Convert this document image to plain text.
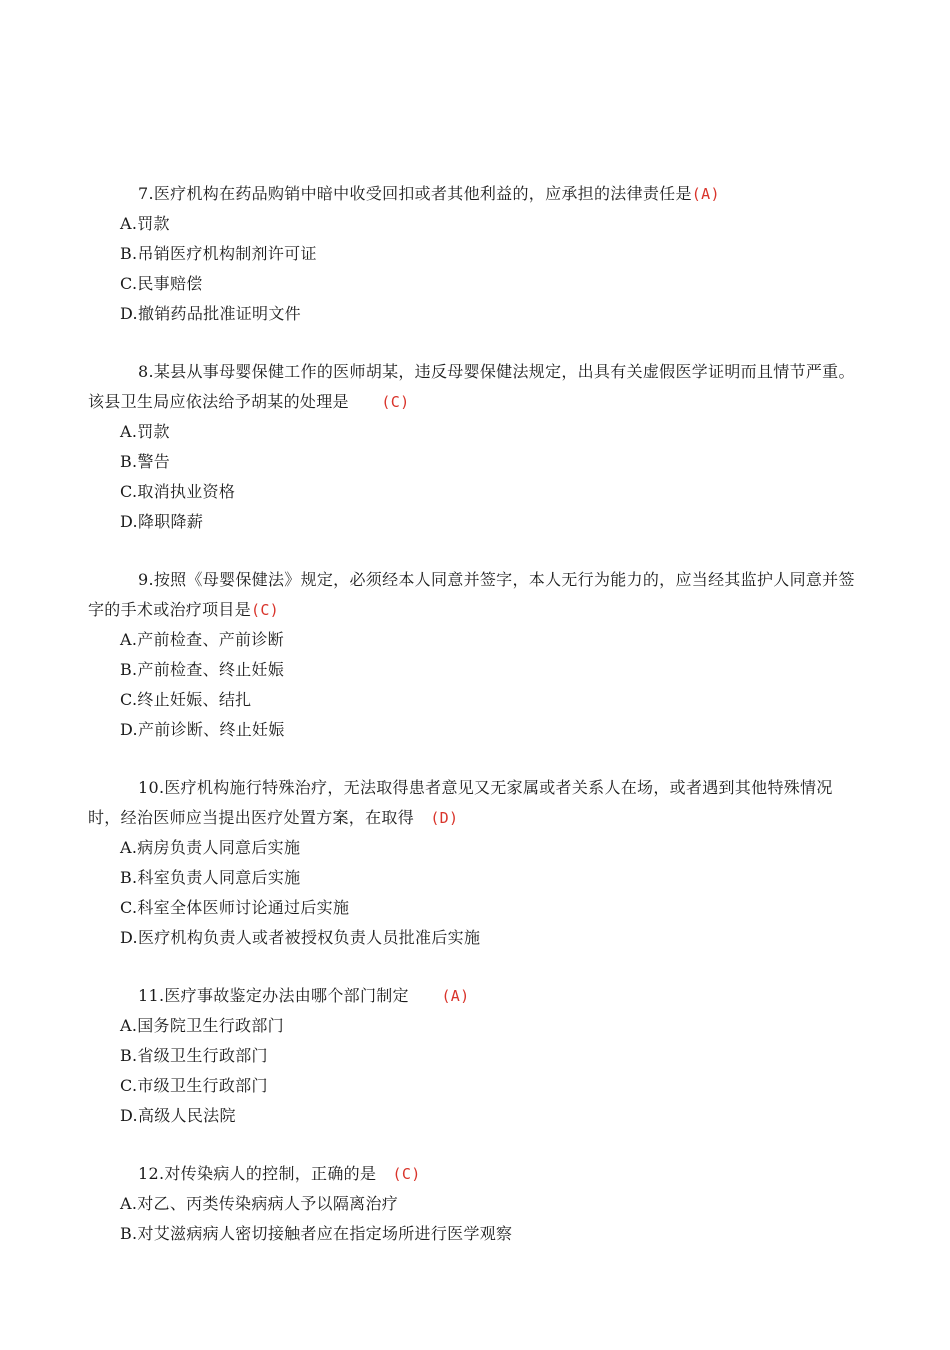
7.医疗机构在药品购销中暗中收受回扣或者其他利益的，应承担的法律责任是(A)

A.罚款
B.吊销医疗机构制剂许可证
C.民事赔偿
D.撤销药品批准证明文件

8.某县从事母婴保健工作的医师胡某，违反母婴保健法规定，出具有关虚假医学证明而且情节严重。该县卫生局应依法给予胡某的处理是　　(C)

A.罚款
B.警告
C.取消执业资格
D.降职降薪

9.按照《母婴保健法》规定，必须经本人同意并签字，本人无行为能力的，应当经其监护人同意并签字的手术或治疗项目是(C)

A.产前检查、产前诊断
B.产前检查、终止妊娠
C.终止妊娠、结扎
D.产前诊断、终止妊娠

10.医疗机构施行特殊治疗，无法取得患者意见又无家属或者关系人在场，或者遇到其他特殊情况时，经治医师应当提出医疗处置方案，在取得　(D)

A.病房负责人同意后实施
B.科室负责人同意后实施
C.科室全体医师讨论通过后实施
D.医疗机构负责人或者被授权负责人员批准后实施

11.医疗事故鉴定办法由哪个部门制定　　(A)

A.国务院卫生行政部门
B.省级卫生行政部门
C.市级卫生行政部门
D.高级人民法院

12.对传染病人的控制，正确的是　(C)

A.对乙、丙类传染病病人予以隔离治疗
B.对艾滋病病人密切接触者应在指定场所进行医学观察
